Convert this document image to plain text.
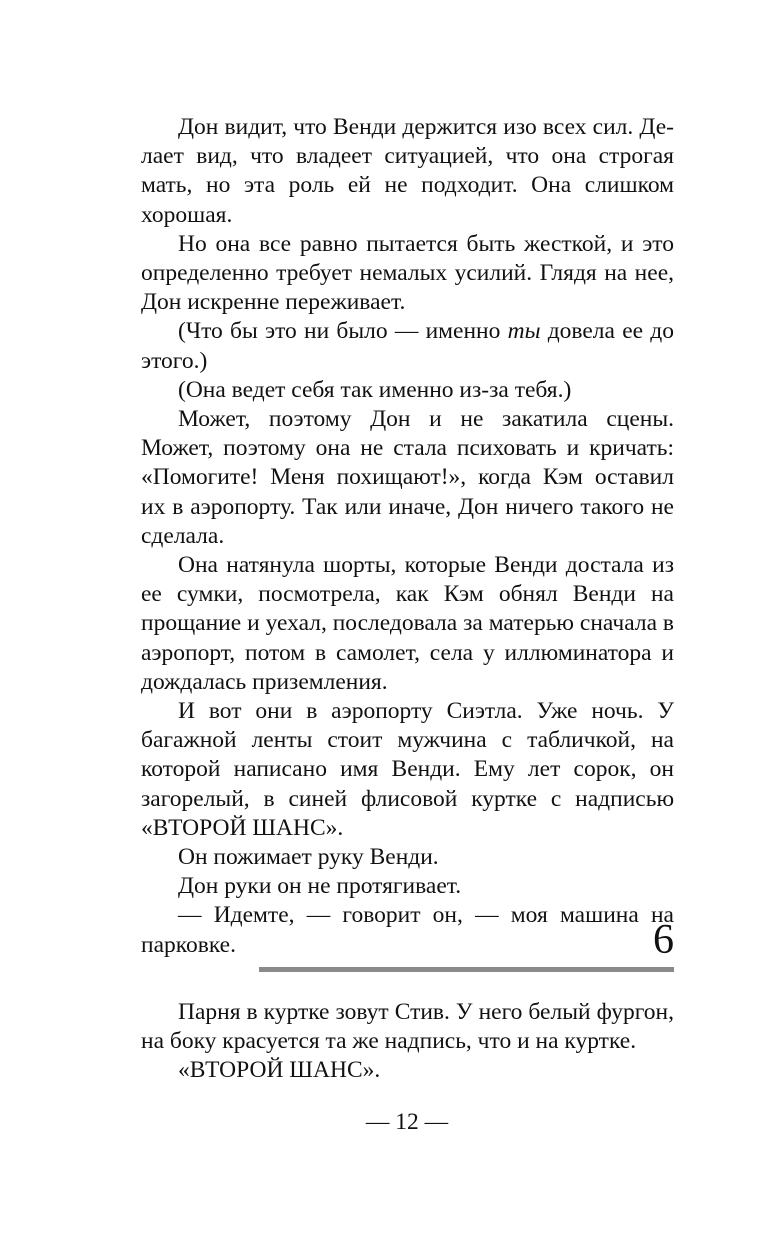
Дон видит, что Венди держится изо всех сил. Делает вид, что владеет ситуацией, что она строгая мать, но эта роль ей не подходит. Она слишком хорошая.

Но она все равно пытается быть жесткой, и это определенно требует немалых усилий. Глядя на нее, Дон искренне переживает.

(Что бы это ни было — именно ты довела ее до этого.)

(Она ведет себя так именно из-за тебя.)

Может, поэтому Дон и не закатила сцены. Может, поэтому она не стала психовать и кричать: «Помогите! Меня похищают!», когда Кэм оставил их в аэропорту. Так или иначе, Дон ничего такого не сделала.

Она натянула шорты, которые Венди достала из ее сумки, посмотрела, как Кэм обнял Венди на прощание и уехал, последовала за матерью сначала в аэропорт, потом в самолет, села у иллюминатора и дождалась приземления.

И вот они в аэропорту Сиэтла. Уже ночь. У багажной ленты стоит мужчина с табличкой, на которой написано имя Венди. Ему лет сорок, он загорелый, в синей флисовой куртке с надписью «ВТОРОЙ ШАНС».

Он пожимает руку Венди.

Дон руки он не протягивает.

— Идемте, — говорит он, — моя машина на парковке.	6

Парня в куртке зовут Стив. У него белый фургон, на боку красуется та же надпись, что и на куртке.

«ВТОРОЙ ШАНС».

— 12 —
